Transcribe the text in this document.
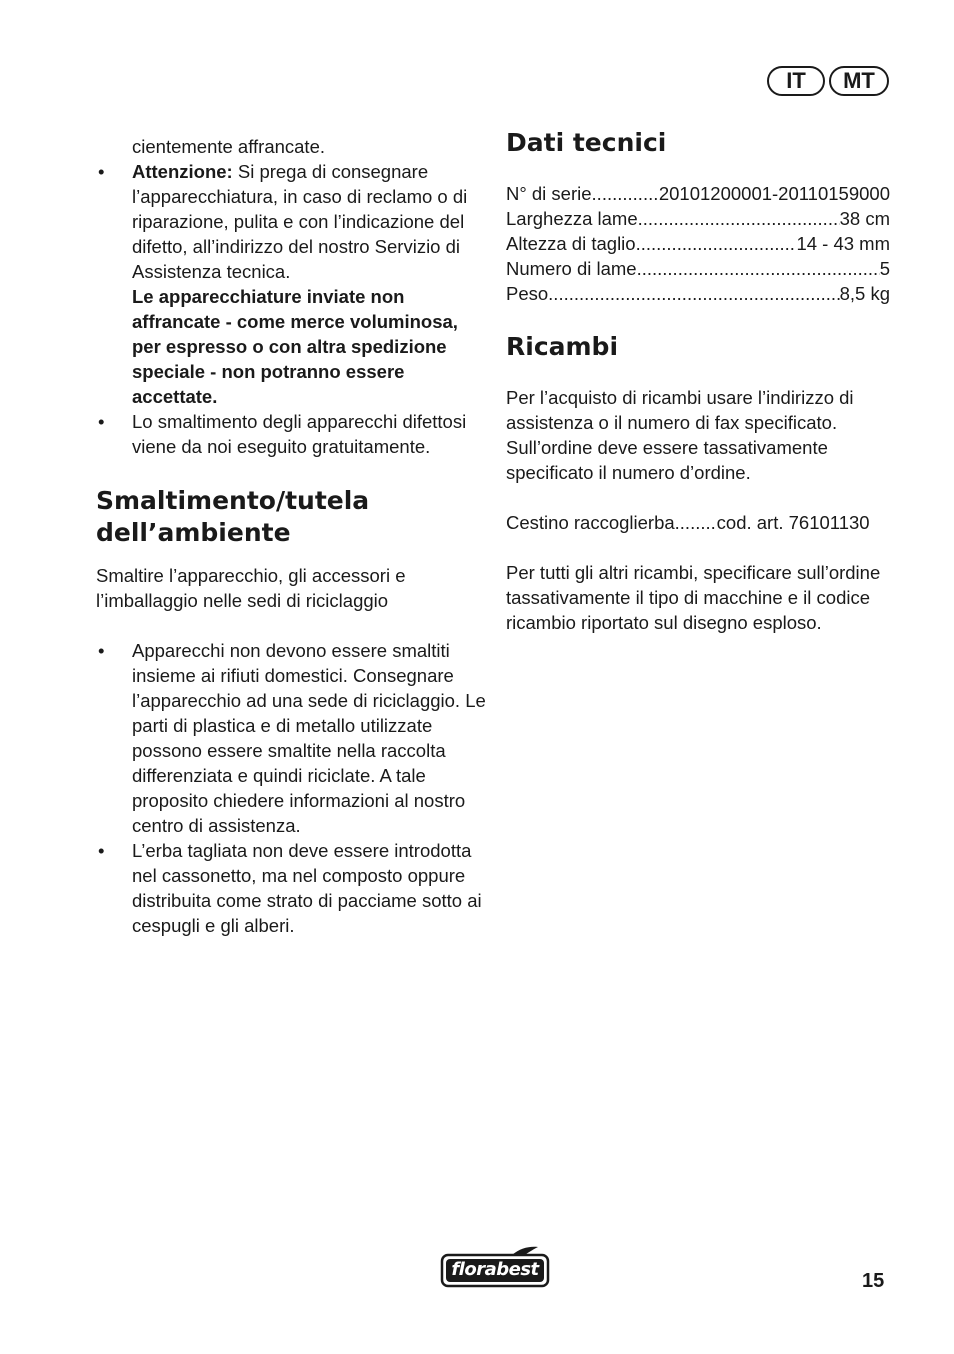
IT	MT

cientemente affrancate.

• Attenzione: Si prega di consegnare l’apparecchiatura, in caso di reclamo o di riparazione, pulita e con l’indicazione del difetto, all’indirizzo del nostro Servizio di Assistenza tecnica.
Le apparecchiature inviate non affrancate - come merce voluminosa, per espresso o con altra spedizione speciale - non potranno essere accettate.
• Lo smaltimento degli apparecchi difettosi viene da noi eseguito gratuitamente.
Smaltimento/tutela
dell’ambiente

Smaltire l’apparecchio, gli accessori e l’imballaggio nelle sedi di riciclaggio

• Apparecchi non devono essere smaltiti insieme ai rifiuti domestici. Consegnare l’apparecchio ad una sede di riciclaggio. Le parti di plastica e di metallo utilizzate possono essere smaltite nella raccolta differenziata e quindi riciclate. A tale proposito chiedere informazioni al nostro centro di assistenza.
• L’erba tagliata non deve essere introdotta nel cassonetto, ma nel composto oppure distribuita come strato di pacciame sotto ai cespugli e gli alberi.
Dati tecnici
N° di serie .....	20101200001-20110159000
Larghezza lame .....	38 cm
Altezza di taglio .....	14 - 43 mm
Numero di lame .....	5
Peso .....	8,5 kg
Ricambi

Per l’acquisto di ricambi usare l’indirizzo di assistenza o il numero di fax specificato. Sull’ordine deve essere tassativamente specificato il numero d’ordine.

Cestino raccoglierba ..... cod. art. 76101130

Per tutti gli altri ricambi, specificare sull’ordine tassativamente il tipo di macchine e il codice ricambio riportato sul disegno esploso.

florabest
15
